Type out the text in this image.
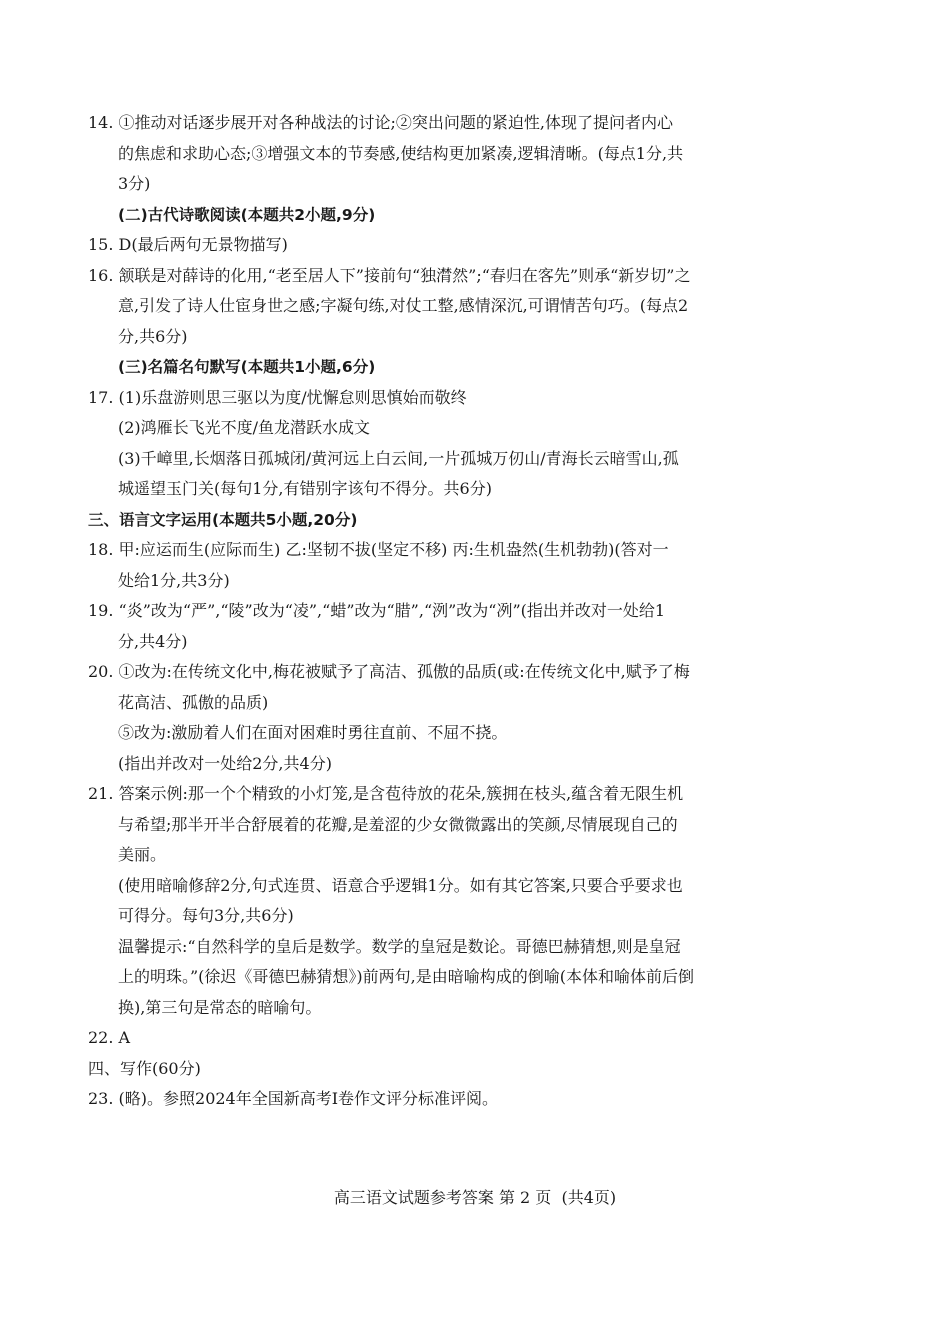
14. ①推动对话逐步展开对各种战法的讨论;②突出问题的紧迫性,体现了提问者内心
的焦虑和求助心态;③增强文本的节奏感,使结构更加紧凑,逻辑清晰。(每点1分,共
3分)
(二)古代诗歌阅读(本题共2小题,9分)
15. D(最后两句无景物描写)
16. 颔联是对薛诗的化用,“老至居人下”接前句“独潸然”;“春归在客先”则承“新岁切”之
意,引发了诗人仕宦身世之感;字凝句练,对仗工整,感情深沉,可谓情苦句巧。(每点2
分,共6分)
(三)名篇名句默写(本题共1小题,6分)
17. (1)乐盘游则思三驱以为度/忧懈怠则思慎始而敬终
(2)鸿雁长飞光不度/鱼龙潜跃水成文
(3)千嶂里,长烟落日孤城闭/黄河远上白云间,一片孤城万仞山/青海长云暗雪山,孤
城遥望玉门关(每句1分,有错别字该句不得分。共6分)
三、语言文字运用(本题共5小题,20分)
18. 甲:应运而生(应际而生) 乙:坚韧不拔(坚定不移) 丙:生机盎然(生机勃勃)(答对一
处给1分,共3分)
19. “炎”改为“严”,“陵”改为“凌”,“蜡”改为“腊”,“洌”改为“冽”(指出并改对一处给1
分,共4分)
20. ①改为:在传统文化中,梅花被赋予了高洁、孤傲的品质(或:在传统文化中,赋予了梅
花高洁、孤傲的品质)
⑤改为:激励着人们在面对困难时勇往直前、不屈不挠。
(指出并改对一处给2分,共4分)
21. 答案示例:那一个个精致的小灯笼,是含苞待放的花朵,簇拥在枝头,蕴含着无限生机
与希望;那半开半合舒展着的花瓣,是羞涩的少女微微露出的笑颜,尽情展现自己的
美丽。
(使用暗喻修辞2分,句式连贯、语意合乎逻辑1分。如有其它答案,只要合乎要求也
可得分。每句3分,共6分)
温馨提示:“自然科学的皇后是数学。数学的皇冠是数论。哥德巴赫猜想,则是皇冠
上的明珠。”(徐迟《哥德巴赫猜想》)前两句,是由暗喻构成的倒喻(本体和喻体前后倒
换),第三句是常态的暗喻句。
22. A
四、写作(60分)
23. (略)。参照2024年全国新高考Ⅰ卷作文评分标准评阅。
高三语文试题参考答案 第 2 页  (共4页)
